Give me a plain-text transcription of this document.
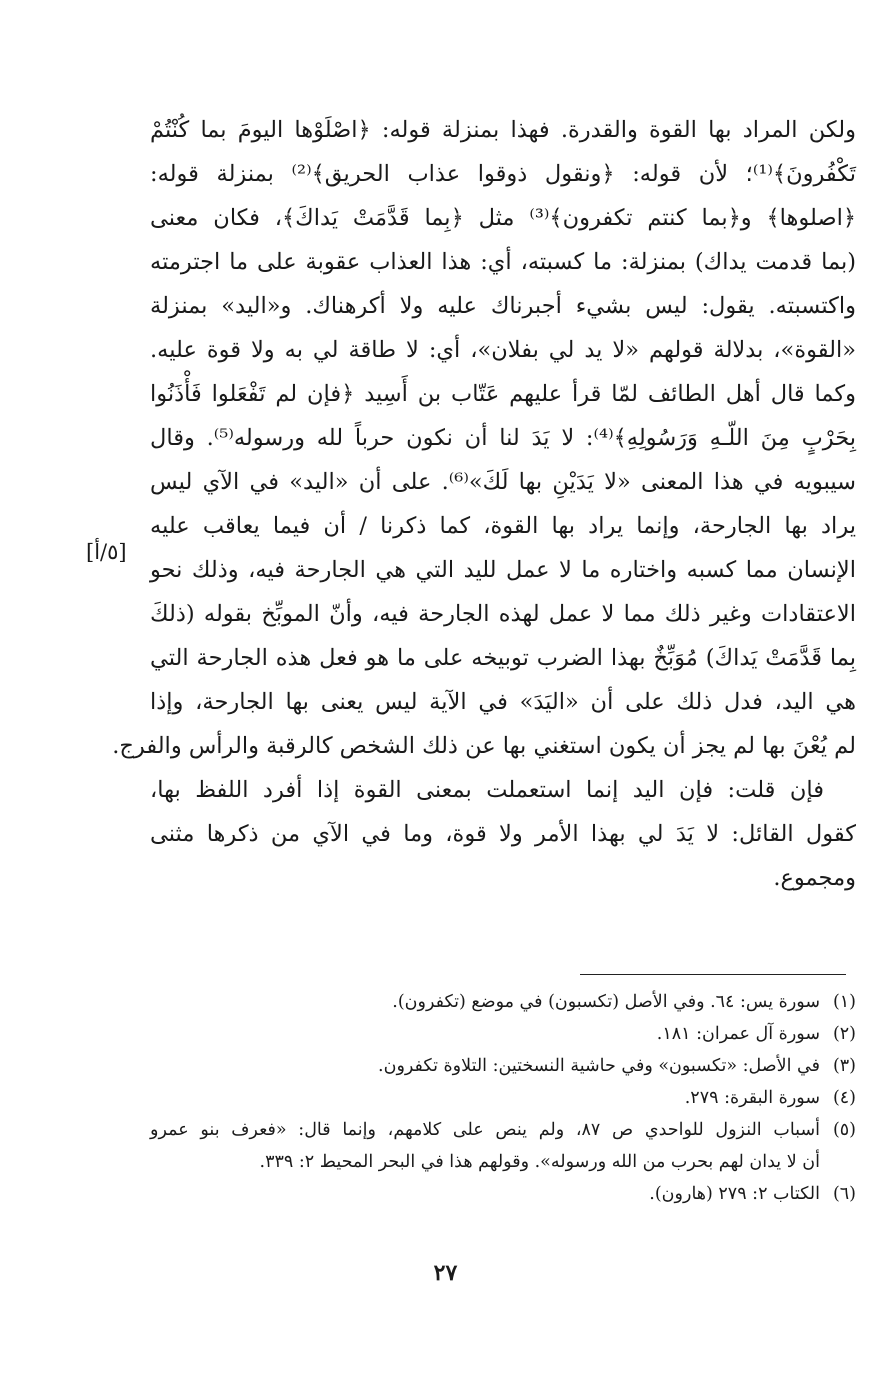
ولكن المراد بها القوة والقدرة. فهذا بمنزلة قوله: ﴿اصْلَوْها اليومَ بما كُنْتُمْ
تَكْفُرونَ﴾⁽¹⁾؛ لأن قوله: ﴿ونقول ذوقوا عذاب الحريق﴾⁽²⁾ بمنزلة قوله:
﴿اصلوها﴾ و﴿بما كنتم تكفرون﴾⁽³⁾ مثل ﴿بِما قَدَّمَتْ يَداكَ﴾، فكان معنى
(بما قدمت يداك) بمنزلة: ما كسبته، أي: هذا العذاب عقوبة على ما اجترمته
واكتسبته. يقول: ليس بشيء أجبرناك عليه ولا أكرهناك. و«اليد» بمنزلة
«القوة»، بدلالة قولهم «لا يد لي بفلان»، أي: لا طاقة لي به ولا قوة عليه.
وكما قال أهل الطائف لمّا قرأ عليهم عَتّاب بن أَسِيد ﴿فإن لم تَفْعَلوا فَأْذَنُوا
بِحَرْبٍ مِنَ اللّـهِ وَرَسُولِهِ﴾⁽⁴⁾: لا يَدَ لنا أن نكون حرباً لله ورسوله⁽⁵⁾. وقال
سيبويه في هذا المعنى «لا يَدَيْنِ بها لَكَ»⁽⁶⁾. على أن «اليد» في الآي ليس
يراد بها الجارحة، وإنما يراد بها القوة، كما ذكرنا / أن فيما يعاقب عليه
الإنسان مما كسبه واختاره ما لا عمل لليد التي هي الجارحة فيه، وذلك نحو
الاعتقادات وغير ذلك مما لا عمل لهذه الجارحة فيه، وأنّ الموبِّخ بقوله (ذلكَ
بِما قَدَّمَتْ يَداكَ) مُوَبِّخٌ بهذا الضرب توبيخه على ما هو فعل هذه الجارحة التي
هي اليد، فدل ذلك على أن «اليَدَ» في الآية ليس يعنى بها الجارحة، وإذا
لم يُعْنَ بها لم يجز أن يكون استغني بها عن ذلك الشخص كالرقبة والرأس والفرج.
فإن قلت: فإن اليد إنما استعملت بمعنى القوة إذا أفرد اللفظ بها،
كقول القائل: لا يَدَ لي بهذا الأمر ولا قوة، وما في الآي من ذكرها مثنى
ومجموع.
[٥/أ]
(١)سورة يس: ٦٤. وفي الأصل (تكسبون) في موضع (تكفرون).
(٢)سورة آل عمران: ١٨١.
(٣)في الأصل: «تكسبون» وفي حاشية النسختين: التلاوة تكفرون.
(٤)سورة البقرة: ٢٧٩.
(٥)أسباب النزول للواحدي ص ٨٧، ولم ينص على كلامهم، وإنما قال: «فعرف بنو عمرو
أن لا يدان لهم بحرب من الله ورسوله». وقولهم هذا في البحر المحيط ٢: ٣٣٩.
(٦)الكتاب ٢: ٢٧٩ (هارون).
٢٧
